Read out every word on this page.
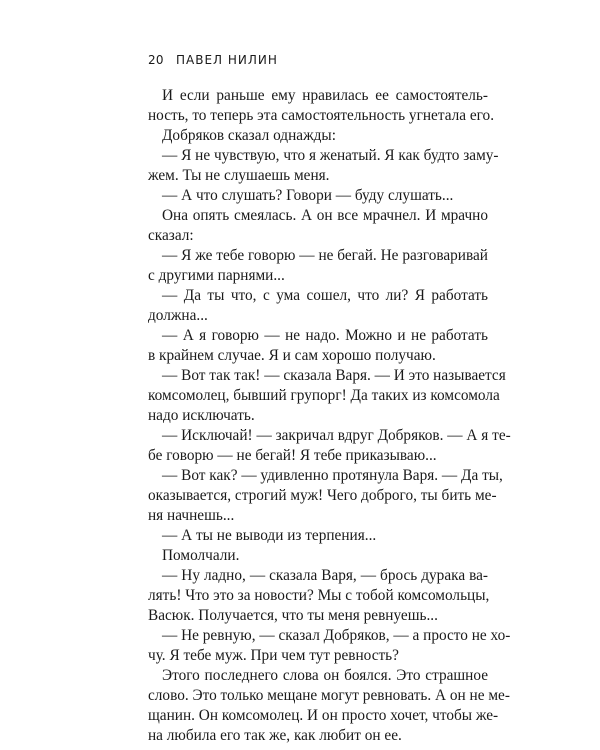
20 ПАВЕЛ НИЛИН
И если раньше ему нравилась ее самостоятель-
ность, то теперь эта самостоятельность угнетала его.
Добряков сказал однажды:
— Я не чувствую, что я женатый. Я как будто заму-
жем. Ты не слушаешь меня.
— А что слушать? Говори — буду слушать...
Она опять смеялась. А он все мрачнел. И мрачно
сказал:
— Я же тебе говорю — не бегай. Не разговаривай
с другими парнями...
— Да ты что, с ума сошел, что ли? Я работать
должна...
— А я говорю — не надо. Можно и не работать
в крайнем случае. Я и сам хорошо получаю.
— Вот так так! — сказала Варя. — И это называется
комсомолец, бывший групорг! Да таких из комсомола
надо исключать.
— Исключай! — закричал вдруг Добряков. — А я те-
бе говорю — не бегай! Я тебе приказываю...
— Вот как? — удивленно протянула Варя. — Да ты,
оказывается, строгий муж! Чего доброго, ты бить ме-
ня начнешь...
— А ты не выводи из терпения...
Помолчали.
— Ну ладно, — сказала Варя, — брось дурака ва-
лять! Что это за новости? Мы с тобой комсомольцы,
Васюк. Получается, что ты меня ревнуешь...
— Не ревную, — сказал Добряков, — а просто не хо-
чу. Я тебе муж. При чем тут ревность?
Этого последнего слова он боялся. Это страшное
слово. Это только мещане могут ревновать. А он не ме-
щанин. Он комсомолец. И он просто хочет, чтобы же-
на любила его так же, как любит он ее.
